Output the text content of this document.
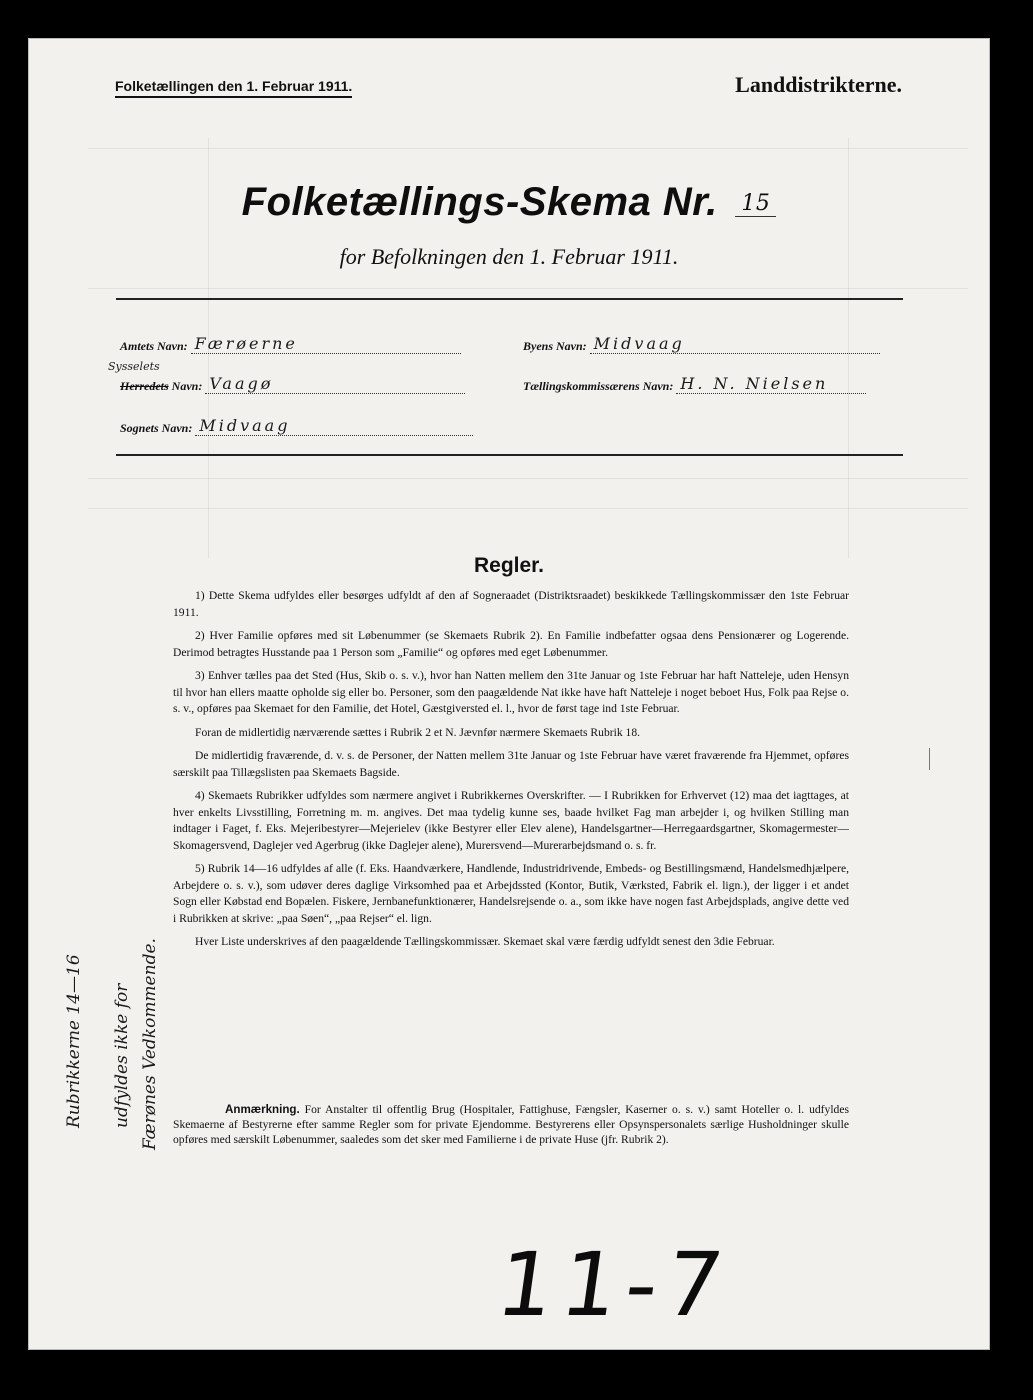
Folketællingen den 1. Februar 1911.	Landdistrikterne.
Folketællings-Skema Nr. 15
for Befolkningen den 1. Februar 1911.
Amtets Navn: Færøerne	Byens Navn: Midvaag
Sysselets
Herredets Navn: Vaagø	Tællingskommissærens Navn: H. N. Nielsen
Sognets Navn: Midvaag
Regler.

1) Dette Skema udfyldes eller besørges udfyldt af den af Sogneraadet (Distriktsraadet) beskikkede Tællingskommissær den 1ste Februar 1911.

2) Hver Familie opføres med sit Løbenummer (se Skemaets Rubrik 2). En Familie indbefatter ogsaa dens Pensionærer og Logerende. Derimod betragtes Husstande paa 1 Person som „Familie“ og opføres med eget Løbenummer.

3) Enhver tælles paa det Sted (Hus, Skib o. s. v.), hvor han Natten mellem den 31te Januar og 1ste Februar har haft Natteleje, uden Hensyn til hvor han ellers maatte opholde sig eller bo. Personer, som den paagældende Nat ikke have haft Natteleje i noget beboet Hus, Folk paa Rejse o. s. v., opføres paa Skemaet for den Familie, det Hotel, Gæstgiversted el. l., hvor de først tage ind 1ste Februar.

Foran de midlertidig nærværende sættes i Rubrik 2 et N. Jævnfør nærmere Skemaets Rubrik 18.

De midlertidig fraværende, d. v. s. de Personer, der Natten mellem 31te Januar og 1ste Februar have været fraværende fra Hjemmet, opføres særskilt paa Tillægslisten paa Skemaets Bagside.

4) Skemaets Rubrikker udfyldes som nærmere angivet i Rubrikkernes Overskrifter. — I Rubrikken for Erhvervet (12) maa det iagttages, at hver enkelts Livsstilling, Forretning m. m. angives. Det maa tydelig kunne ses, baade hvilket Fag man arbejder i, og hvilken Stilling man indtager i Faget, f. Eks. Mejeribestyrer—Mejerielev (ikke Bestyrer eller Elev alene), Handelsgartner—Herregaardsgartner, Skomagermester—Skomagersvend, Daglejer ved Agerbrug (ikke Daglejer alene), Murersvend—Murerarbejdsmand o. s. fr.

5) Rubrik 14—16 udfyldes af alle (f. Eks. Haandværkere, Handlende, Industridrivende, Embeds- og Bestillingsmænd, Handelsmedhjælpere, Arbejdere o. s. v.), som udøver deres daglige Virksomhed paa et Arbejdssted (Kontor, Butik, Værksted, Fabrik el. lign.), der ligger i et andet Sogn eller Købstad end Bopælen. Fiskere, Jernbanefunktionærer, Handelsrejsende o. a., som ikke have nogen fast Arbejdsplads, angive dette ved i Rubrikken at skrive: „paa Søen“, „paa Rejser“ el. lign.

Hver Liste underskrives af den paagældende Tællingskommissær. Skemaet skal være færdig udfyldt senest den 3die Februar.

Anmærkning. For Anstalter til offentlig Brug (Hospitaler, Fattighuse, Fængsler, Kaserner o. s. v.) samt Hoteller o. l. udfyldes Skemaerne af Bestyrerne efter samme Regler som for private Ejendomme. Bestyrerens eller Opsynspersonalets særlige Husholdninger skulle opføres med særskilt Løbenummer, saaledes som det sker med Familierne i de private Huse (jfr. Rubrik 2).
Rubrikkerne 14—16 udfyldes ikke for Færønes Vedkommende.
11-7
